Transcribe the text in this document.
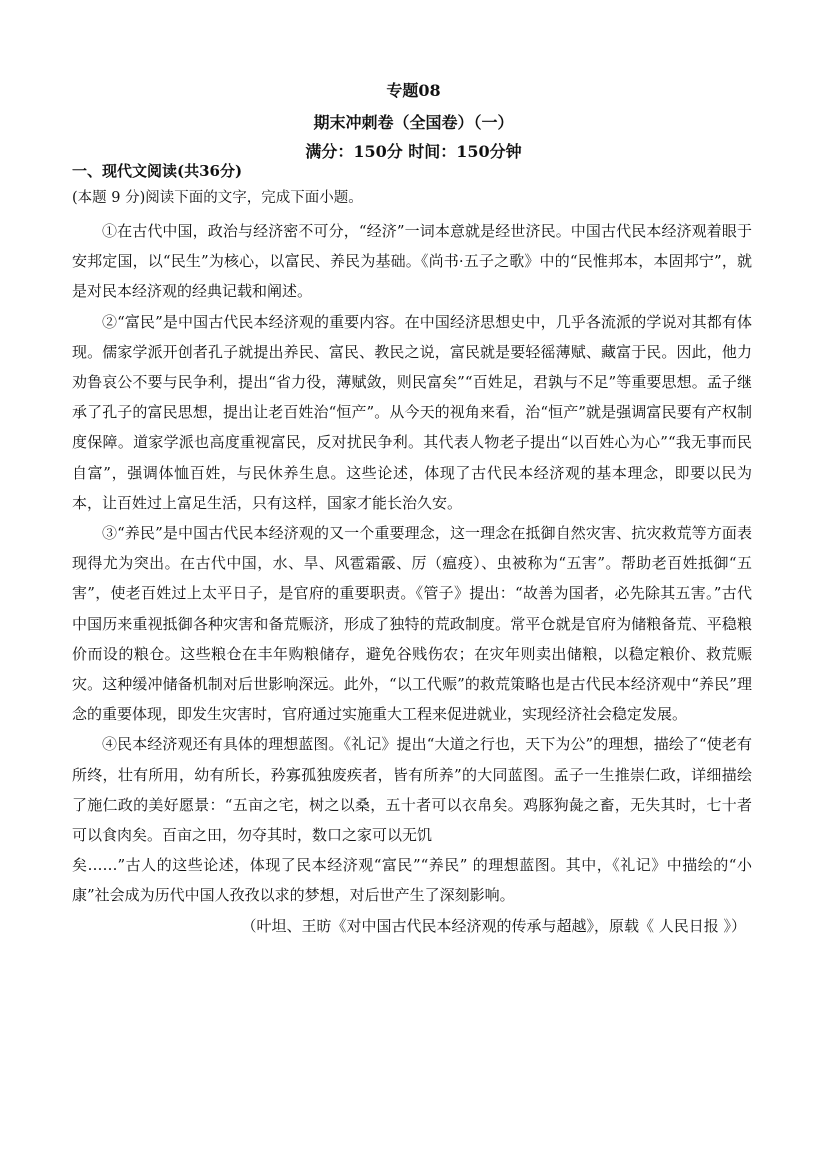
专题08
期末冲刺卷（全国卷）（一）
满分：150分 时间：150分钟
一、现代文阅读(共36分)
(本题 9 分)阅读下面的文字，完成下面小题。

①在古代中国，政治与经济密不可分，“经济”一词本意就是经世济民。中国古代民本经济观着眼于安邦定国，以“民生”为核心，以富民、养民为基础。《尚书·五子之歌》中的“民惟邦本，本固邦宁”，就是对民本经济观的经典记载和阐述。

②“富民”是中国古代民本经济观的重要内容。在中国经济思想史中，几乎各流派的学说对其都有体现。儒家学派开创者孔子就提出养民、富民、教民之说，富民就是要轻徭薄赋、藏富于民。因此，他力劝鲁哀公不要与民争利，提出“省力役，薄赋敛，则民富矣”“百姓足，君孰与不足”等重要思想。孟子继承了孔子的富民思想，提出让老百姓治“恒产”。从今天的视角来看，治“恒产”就是强调富民要有产权制度保障。道家学派也高度重视富民，反对扰民争利。其代表人物老子提出“以百姓心为心”“我无事而民自富”，强调体恤百姓，与民休养生息。这些论述，体现了古代民本经济观的基本理念，即要以民为本，让百姓过上富足生活，只有这样，国家才能长治久安。

③“养民”是中国古代民本经济观的又一个重要理念，这一理念在抵御自然灾害、抗灾救荒等方面表现得尤为突出。在古代中国，水、旱、风雹霜霰、厉（瘟疫）、虫被称为“五害”。帮助老百姓抵御“五害”，使老百姓过上太平日子，是官府的重要职责。《管子》提出：“故善为国者，必先除其五害。”古代中国历来重视抵御各种灾害和备荒赈济，形成了独特的荒政制度。常平仓就是官府为储粮备荒、平稳粮价而设的粮仓。这些粮仓在丰年购粮储存，避免谷贱伤农；在灾年则卖出储粮，以稳定粮价、救荒赈灾。这种缓冲储备机制对后世影响深远。此外，“以工代赈”的救荒策略也是古代民本经济观中“养民”理念的重要体现，即发生灾害时，官府通过实施重大工程来促进就业，实现经济社会稳定发展。

④民本经济观还有具体的理想蓝图。《礼记》提出“大道之行也，天下为公”的理想，描绘了“使老有所终，壮有所用，幼有所长，矜寡孤独废疾者，皆有所养”的大同蓝图。孟子一生推崇仁政，详细描绘了施仁政的美好愿景：“五亩之宅，树之以桑，五十者可以衣帛矣。鸡豚狗彘之畜，无失其时，七十者可以食肉矣。百亩之田，勿夺其时，数口之家可以无饥

矣……”古人的这些论述，体现了民本经济观“富民”“养民” 的理想蓝图。其中，《礼记》中描绘的“小康”社会成为历代中国人孜孜以求的梦想，对后世产生了深刻影响。

（叶坦、王昉《对中国古代民本经济观的传承与超越》，原载《 人民日报 》）
